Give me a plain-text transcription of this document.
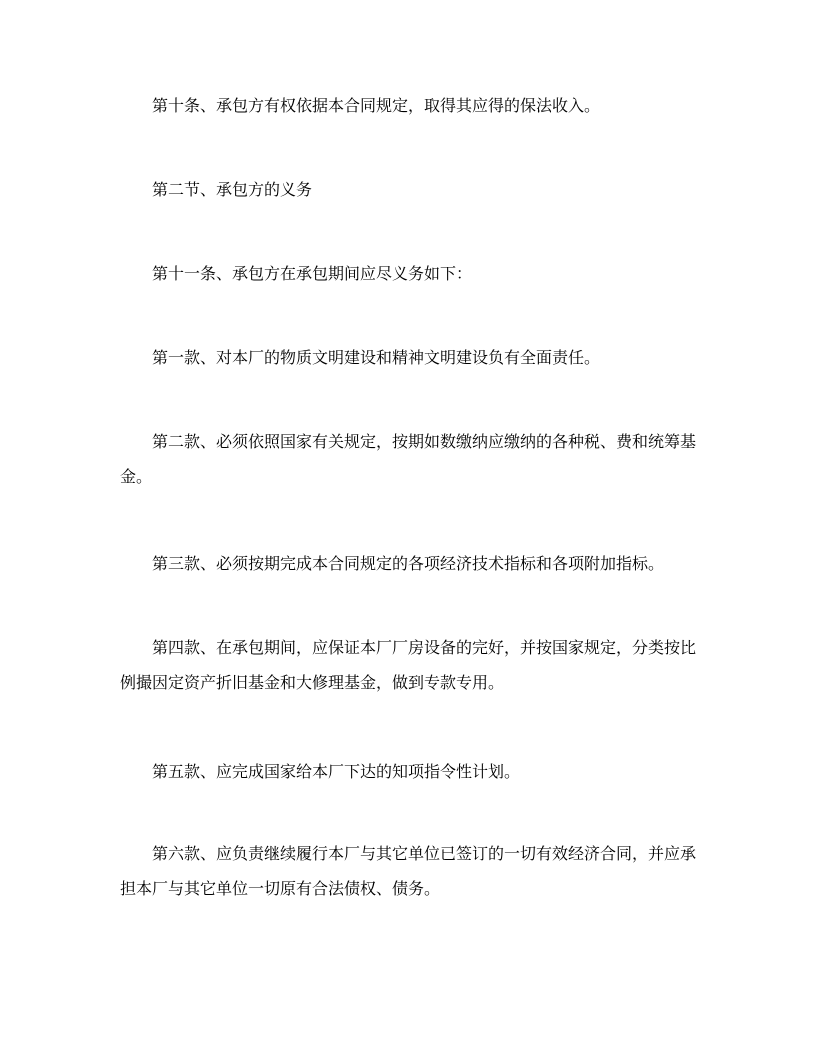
第十条、承包方有权依据本合同规定，取得其应得的保法收入。

第二节、承包方的义务

第十一条、承包方在承包期间应尽义务如下：

第一款、对本厂的物质文明建设和精神文明建设负有全面责任。

第二款、必须依照国家有关规定，按期如数缴纳应缴纳的各种税、费和统筹基金。

第三款、必须按期完成本合同规定的各项经济技术指标和各项附加指标。

第四款、在承包期间，应保证本厂厂房设备的完好，并按国家规定，分类按比例撮因定资产折旧基金和大修理基金，做到专款专用。

第五款、应完成国家给本厂下达的知项指令性计划。

第六款、应负责继续履行本厂与其它单位已签订的一切有效经济合同，并应承担本厂与其它单位一切原有合法债权、债务。
